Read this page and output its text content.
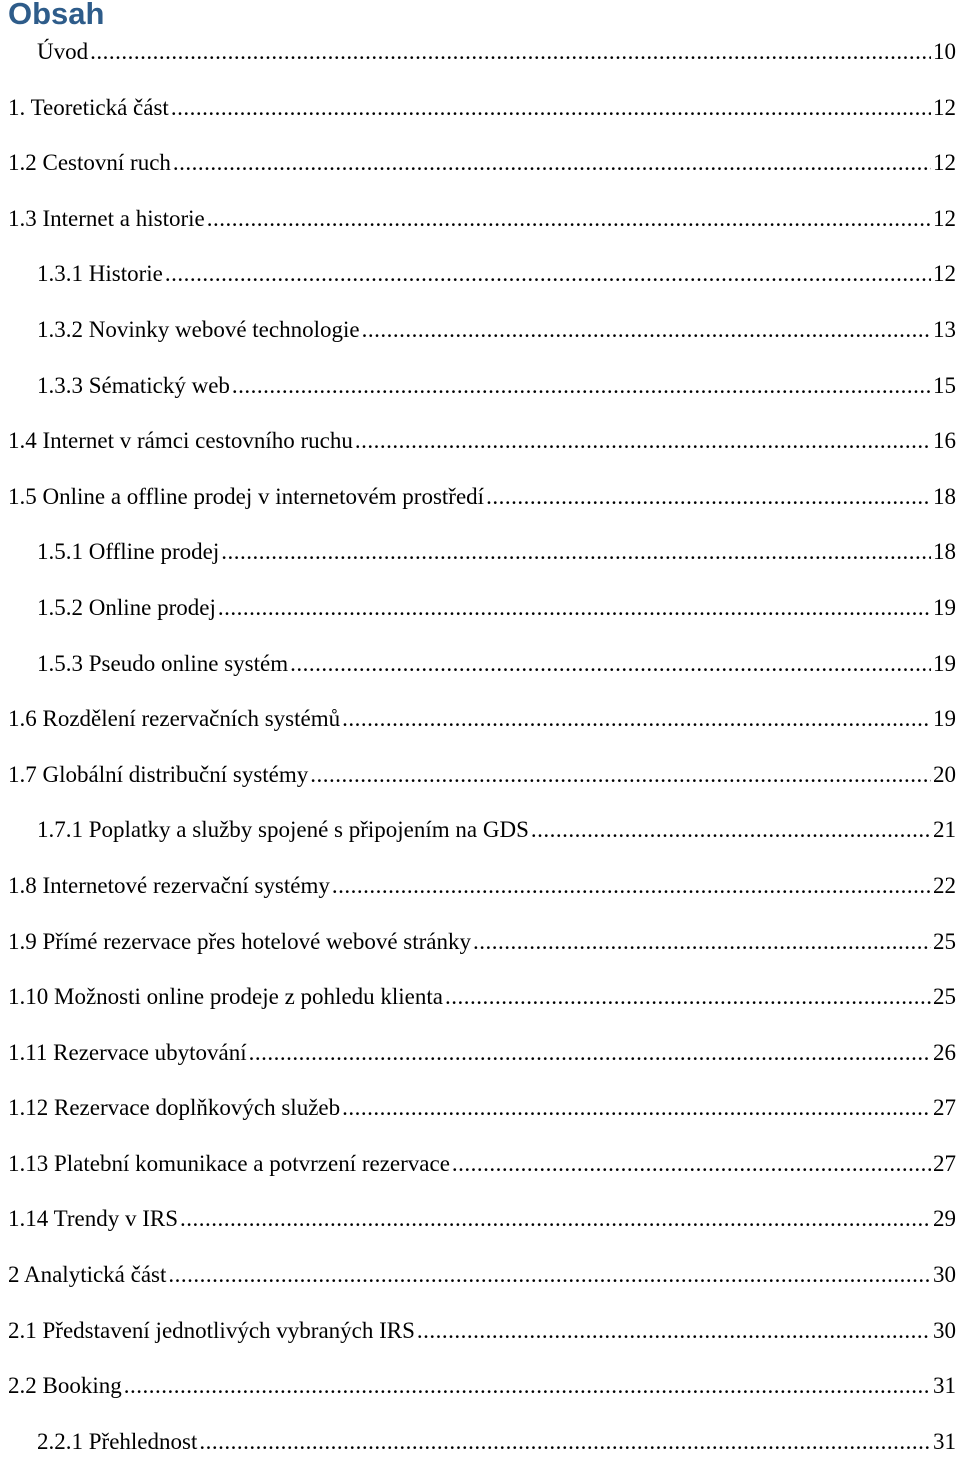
Obsah
Úvod .....	10
1. Teoretická část .....	12
1.2 Cestovní ruch .....	12
1.3 Internet a historie .....	12
1.3.1 Historie .....	12
1.3.2 Novinky webové technologie .....	13
1.3.3 Sématický web .....	15
1.4 Internet v rámci cestovního ruchu .....	16
1.5 Online a offline prodej v internetovém prostředí .....	18
1.5.1 Offline prodej .....	18
1.5.2 Online prodej .....	19
1.5.3 Pseudo online systém .....	19
1.6 Rozdělení rezervačních systémů .....	19
1.7 Globální distribuční systémy .....	20
1.7.1 Poplatky a služby spojené s připojením na GDS .....	21
1.8 Internetové rezervační systémy .....	22
1.9 Přímé rezervace přes hotelové webové stránky .....	25
1.10 Možnosti online prodeje z pohledu klienta .....	25
1.11 Rezervace ubytování .....	26
1.12 Rezervace doplňkových služeb .....	27
1.13 Platební komunikace a potvrzení rezervace .....	27
1.14 Trendy v IRS .....	29
2 Analytická část .....	30
2.1 Představení jednotlivých vybraných IRS .....	30
2.2 Booking .....	31
2.2.1 Přehlednost .....	31
